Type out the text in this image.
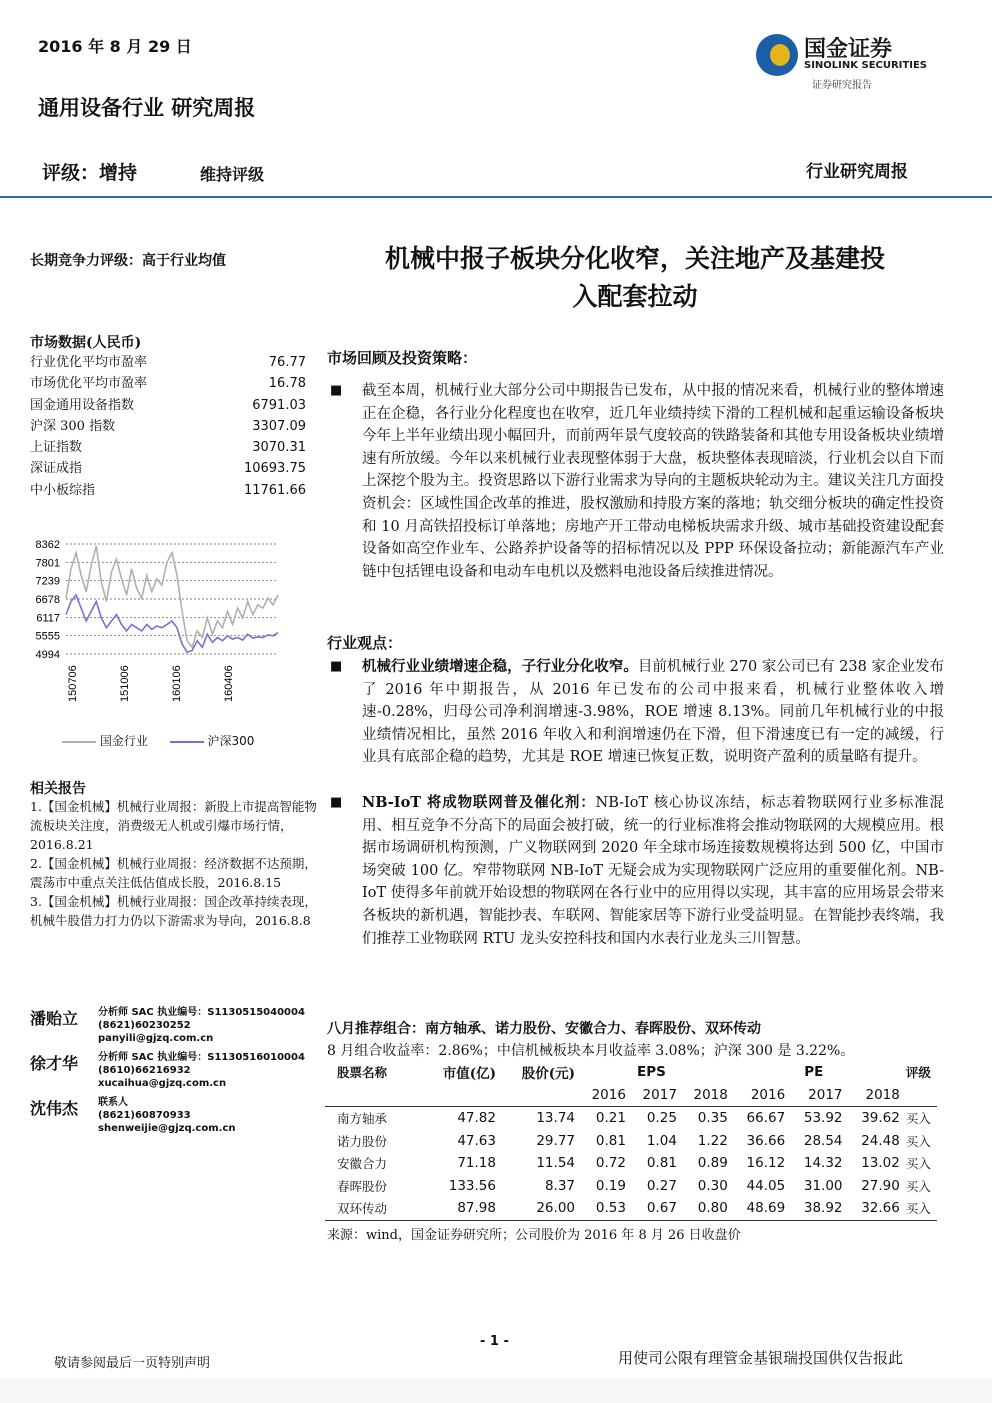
2016 年 8 月 29 日	国金证券
SINOLINK SECURITIES
证券研究报告
通用设备行业 研究周报
评级：增持	维持评级	行业研究周报
长期竞争力评级：高于行业均值	机械中报子板块分化收窄，关注地产及基建投
入配套拉动
市场数据(人民币)
行业优化平均市盈率	76.77
市场优化平均市盈率	16.78
国金通用设备指数	6791.03
沪深 300 指数	3307.09
上证指数	3070.31
深证成指	10693.75
中小板综指	11761.66
8362
7801
7239
6678
6117
5555
4994
150706	151006	160106	160406
国金行业	沪深300
相关报告
1.【国金机械】机械行业周报：新股上市提高智能物流板块关注度，消费级无人机或引爆市场行情，2016.8.21
2.【国金机械】机械行业周报：经济数据不达预期，震荡市中重点关注低估值成长股，2016.8.15
3.【国金机械】机械行业周报：国企改革持续表现，机械牛股借力打力仍以下游需求为导向，2016.8.8
潘贻立	分析师 SAC 执业编号：S1130515040004
(8621)60230252
panyili@gjzq.com.cn
徐才华	分析师 SAC 执业编号：S1130516010004
(8610)66216932
xucaihua@gjzq.com.cn
沈伟杰	联系人
(8621)60870933
shenweijie@gjzq.com.cn
市场回顾及投资策略：
■ 截至本周，机械行业大部分公司中期报告已发布，从中报的情况来看，机械行业的整体增速正在企稳，各行业分化程度也在收窄，近几年业绩持续下滑的工程机械和起重运输设备板块今年上半年业绩出现小幅回升，而前两年景气度较高的铁路装备和其他专用设备板块业绩增速有所放缓。今年以来机械行业表现整体弱于大盘，板块整体表现暗淡，行业机会以自下而上深挖个股为主。投资思路以下游行业需求为导向的主题板块轮动为主。建议关注几方面投资机会：区域性国企改革的推进，股权激励和持股方案的落地；轨交细分板块的确定性投资和 10 月高铁招投标订单落地；房地产开工带动电梯板块需求升级、城市基础投资建设配套设备如高空作业车、公路养护设备等的招标情况以及 PPP 环保设备拉动；新能源汽车产业链中包括锂电设备和电动车电机以及燃料电池设备后续推进情况。
行业观点：
■ 机械行业业绩增速企稳，子行业分化收窄。目前机械行业 270 家公司已有 238 家企业发布了 2016 年中期报告，从 2016 年已发布的公司中报来看，机械行业整体收入增速-0.28%，归母公司净利润增速-3.98%，ROE 增速 8.13%。同前几年机械行业的中报业绩情况相比，虽然 2016 年收入和利润增速仍在下滑，但下滑速度已有一定的减缓，行业具有底部企稳的趋势，尤其是 ROE 增速已恢复正数，说明资产盈利的质量略有提升。
■ NB-IoT 将成物联网普及催化剂：NB-IoT 核心协议冻结，标志着物联网行业多标准混用、相互竞争不分高下的局面会被打破，统一的行业标准将会推动物联网的大规模应用。根据市场调研机构预测，广义物联网到 2020 年全球市场连接数规模将达到 500 亿，中国市场突破 100 亿。窄带物联网 NB-IoT 无疑会成为实现物联网广泛应用的重要催化剂。NB-IoT 使得多年前就开始设想的物联网在各行业中的应用得以实现，其丰富的应用场景会带来各板块的新机遇，智能抄表、车联网、智能家居等下游行业受益明显。在智能抄表终端，我们推荐工业物联网 RTU 龙头安控科技和国内水表行业龙头三川智慧。
八月推荐组合：南方轴承、诺力股份、安徽合力、春晖股份、双环传动
8 月组合收益率：2.86%；中信机械板块本月收益率 3.08%；沪深 300 是 3.22%。
股票名称	市值(亿)	股价(元)	EPS			PE			评级
			2016	2017	2018	2016	2017	2018	
南方轴承	47.82	13.74	0.21	0.25	0.35	66.67	53.92	39.62	买入
诺力股份	47.63	29.77	0.81	1.04	1.22	36.66	28.54	24.48	买入
安徽合力	71.18	11.54	0.72	0.81	0.89	16.12	14.32	13.02	买入
春晖股份	133.56	8.37	0.19	0.27	0.30	44.05	31.00	27.90	买入
双环传动	87.98	26.00	0.53	0.67	0.80	48.69	38.92	32.66	买入
来源：wind，国金证券研究所；公司股价为 2016 年 8 月 26 日收盘价
- 1 -
敬请参阅最后一页特别声明	用使司公限有理管金基银瑞投国供仅告报此
